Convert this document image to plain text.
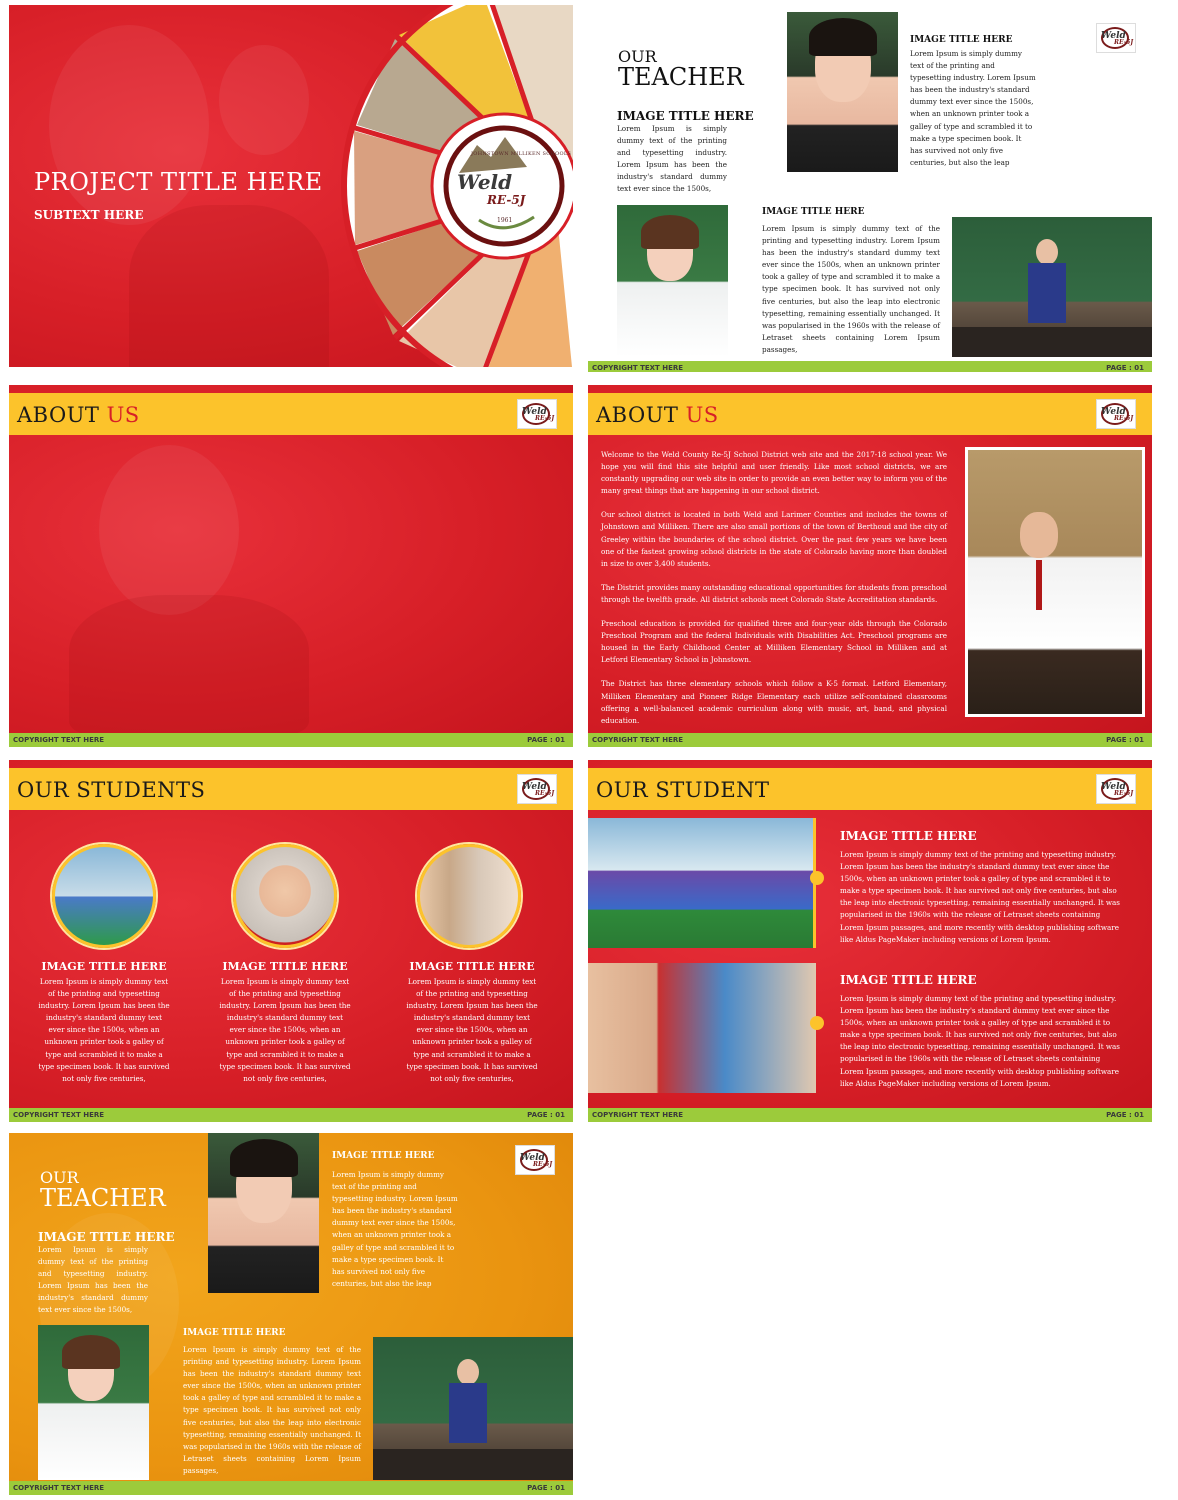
PROJECT TITLE HERE
SUBTEXT HERE
Weld
RE-5J
JOHNSTOWN MILLIKEN SCHOOLS
1961
OUR
TEACHER
IMAGE TITLE HERE
Lorem Ipsum is simply dummy text of the printing and typesetting industry. Lorem Ipsum has been the industry's standard dummy text ever since the 1500s,
IMAGE TITLE HERE
Lorem Ipsum is simply dummy text of the printing and typesetting industry. Lorem Ipsum has been the industry's standard dummy text ever since the 1500s, when an unknown printer took a galley of type and scrambled it to make a type specimen book. It has survived not only five centuries, but also the leap
Weld
RE-5J
IMAGE TITLE HERE
Lorem Ipsum is simply dummy text of the printing and typesetting industry. Lorem Ipsum has been the industry's standard dummy text ever since the 1500s, when an unknown printer took a galley of type and scrambled it to make a type specimen book. It has survived not only five centuries, but also the leap into electronic typesetting, remaining essentially unchanged. It was popularised in the 1960s with the release of Letraset sheets containing Lorem Ipsum passages,
COPYRIGHT TEXT HERE	PAGE : 01
ABOUT US	Weld
RE-5J
COPYRIGHT TEXT HERE	PAGE : 01
ABOUT US	Weld
RE-5J

Welcome to the Weld County Re-5J School District web site and the 2017-18 school year. We hope you will find this site helpful and user friendly. Like most school districts, we are constantly upgrading our web site in order to provide an even better way to inform you of the many great things that are happening in our school district.

Our school district is located in both Weld and Larimer Counties and includes the towns of Johnstown and Milliken. There are also small portions of the town of Berthoud and the city of Greeley within the boundaries of the school district. Over the past few years we have been one of the fastest growing school districts in the state of Colorado having more than doubled in size to over 3,400 students.

The District provides many outstanding educational opportunities for students from preschool through the twelfth grade. All district schools meet Colorado State Accreditation standards.

Preschool education is provided for qualified three and four-year olds through the Colorado Preschool Program and the federal Individuals with Disabilities Act. Preschool programs are housed in the Early Childhood Center at Milliken Elementary School in Milliken and at Letford Elementary School in Johnstown.

The District has three elementary schools which follow a K-5 format. Letford Elementary, Milliken Elementary and Pioneer Ridge Elementary each utilize self-contained classrooms offering a well-balanced academic curriculum along with music, art, band, and physical education.

COPYRIGHT TEXT HERE	PAGE : 01
OUR STUDENTS	Weld
RE-5J
IMAGE TITLE HERE
Lorem Ipsum is simply dummy text of the printing and typesetting industry. Lorem Ipsum has been the industry's standard dummy text ever since the 1500s, when an unknown printer took a galley of type and scrambled it to make a type specimen book. It has survived not only five centuries,
IMAGE TITLE HERE
Lorem Ipsum is simply dummy text of the printing and typesetting industry. Lorem Ipsum has been the industry's standard dummy text ever since the 1500s, when an unknown printer took a galley of type and scrambled it to make a type specimen book. It has survived not only five centuries,
IMAGE TITLE HERE
Lorem Ipsum is simply dummy text of the printing and typesetting industry. Lorem Ipsum has been the industry's standard dummy text ever since the 1500s, when an unknown printer took a galley of type and scrambled it to make a type specimen book. It has survived not only five centuries,
COPYRIGHT TEXT HERE	PAGE : 01
OUR STUDENT	Weld
RE-5J
IMAGE TITLE HERE
Lorem Ipsum is simply dummy text of the printing and typesetting industry. Lorem Ipsum has been the industry's standard dummy text ever since the 1500s, when an unknown printer took a galley of type and scrambled it to make a type specimen book. It has survived not only five centuries, but also the leap into electronic typesetting, remaining essentially unchanged. It was popularised in the 1960s with the release of Letraset sheets containing Lorem Ipsum passages, and more recently with desktop publishing software like Aldus PageMaker including versions of Lorem Ipsum.
IMAGE TITLE HERE
Lorem Ipsum is simply dummy text of the printing and typesetting industry. Lorem Ipsum has been the industry's standard dummy text ever since the 1500s, when an unknown printer took a galley of type and scrambled it to make a type specimen book. It has survived not only five centuries, but also the leap into electronic typesetting, remaining essentially unchanged. It was popularised in the 1960s with the release of Letraset sheets containing Lorem Ipsum passages, and more recently with desktop publishing software like Aldus PageMaker including versions of Lorem Ipsum.
COPYRIGHT TEXT HERE	PAGE : 01
OUR
TEACHER
IMAGE TITLE HERE
Lorem Ipsum is simply dummy text of the printing and typesetting industry. Lorem Ipsum has been the industry's standard dummy text ever since the 1500s,
IMAGE TITLE HERE
Lorem Ipsum is simply dummy text of the printing and typesetting industry. Lorem Ipsum has been the industry's standard dummy text ever since the 1500s, when an unknown printer took a galley of type and scrambled it to make a type specimen book. It has survived not only five centuries, but also the leap
Weld
RE-5J
IMAGE TITLE HERE
Lorem Ipsum is simply dummy text of the printing and typesetting industry. Lorem Ipsum has been the industry's standard dummy text ever since the 1500s, when an unknown printer took a galley of type and scrambled it to make a type specimen book. It has survived not only five centuries, but also the leap into electronic typesetting, remaining essentially unchanged. It was popularised in the 1960s with the release of Letraset sheets containing Lorem Ipsum passages,
COPYRIGHT TEXT HERE	PAGE : 01
